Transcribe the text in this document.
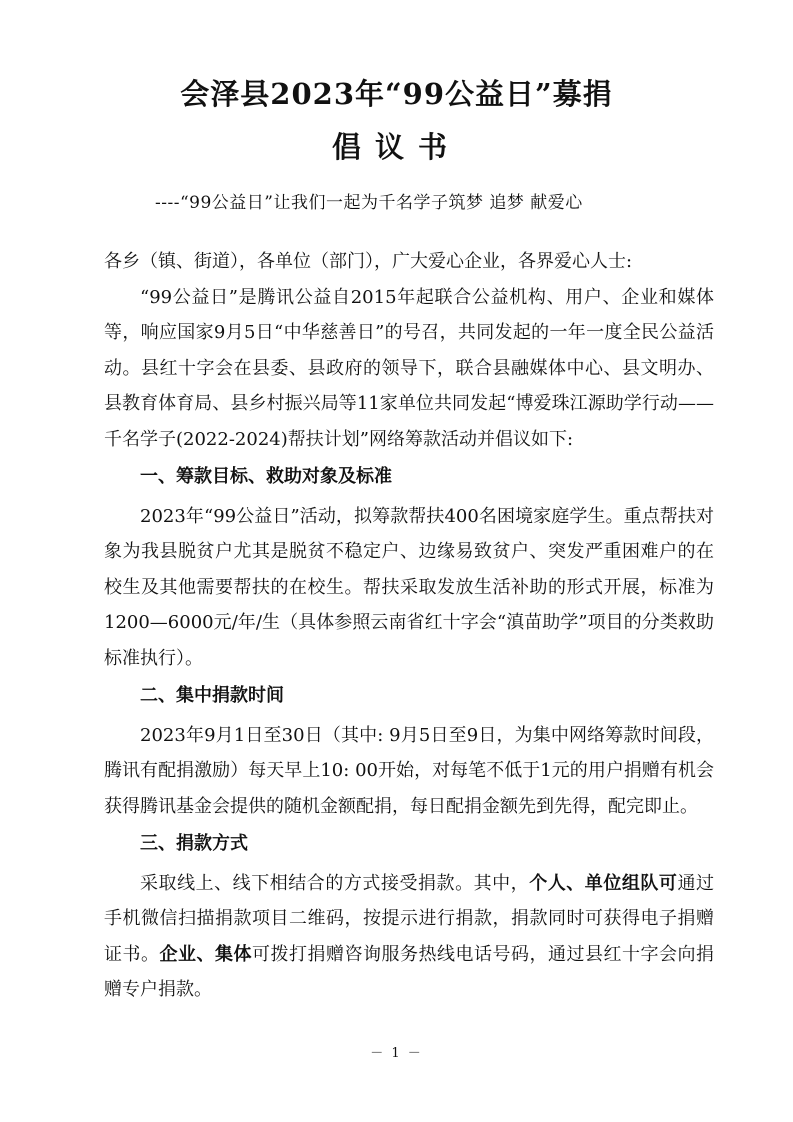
会泽县2023年“99公益日”募捐
倡议书
----“99公益日”让我们一起为千名学子筑梦 追梦 献爱心

各乡（镇、街道），各单位（部门），广大爱心企业，各界爱心人士:

“99公益日”是腾讯公益自2015年起联合公益机构、用户、企业和媒体等，响应国家9月5日“中华慈善日”的号召，共同发起的一年一度全民公益活动。县红十字会在县委、县政府的领导下，联合县融媒体中心、县文明办、县教育体育局、县乡村振兴局等11家单位共同发起“博爱珠江源助学行动——千名学子(2022-2024)帮扶计划”网络筹款活动并倡议如下:

一、筹款目标、救助对象及标准

2023年“99公益日”活动，拟筹款帮扶400名困境家庭学生。重点帮扶对象为我县脱贫户尤其是脱贫不稳定户、边缘易致贫户、突发严重困难户的在校生及其他需要帮扶的在校生。帮扶采取发放生活补助的形式开展，标准为1200—6000元/年/生（具体参照云南省红十字会“滇苗助学”项目的分类救助标准执行）。

二、集中捐款时间

2023年9月1日至30日（其中: 9月5日至9日，为集中网络筹款时间段，腾讯有配捐激励）每天早上10: 00开始，对每笔不低于1元的用户捐赠有机会获得腾讯基金会提供的随机金额配捐，每日配捐金额先到先得，配完即止。

三、捐款方式

采取线上、线下相结合的方式接受捐款。其中，个人、单位组队可通过手机微信扫描捐款项目二维码，按提示进行捐款，捐款同时可获得电子捐赠证书。企业、集体可拨打捐赠咨询服务热线电话号码，通过县红十字会向捐赠专户捐款。

－ 1 －
